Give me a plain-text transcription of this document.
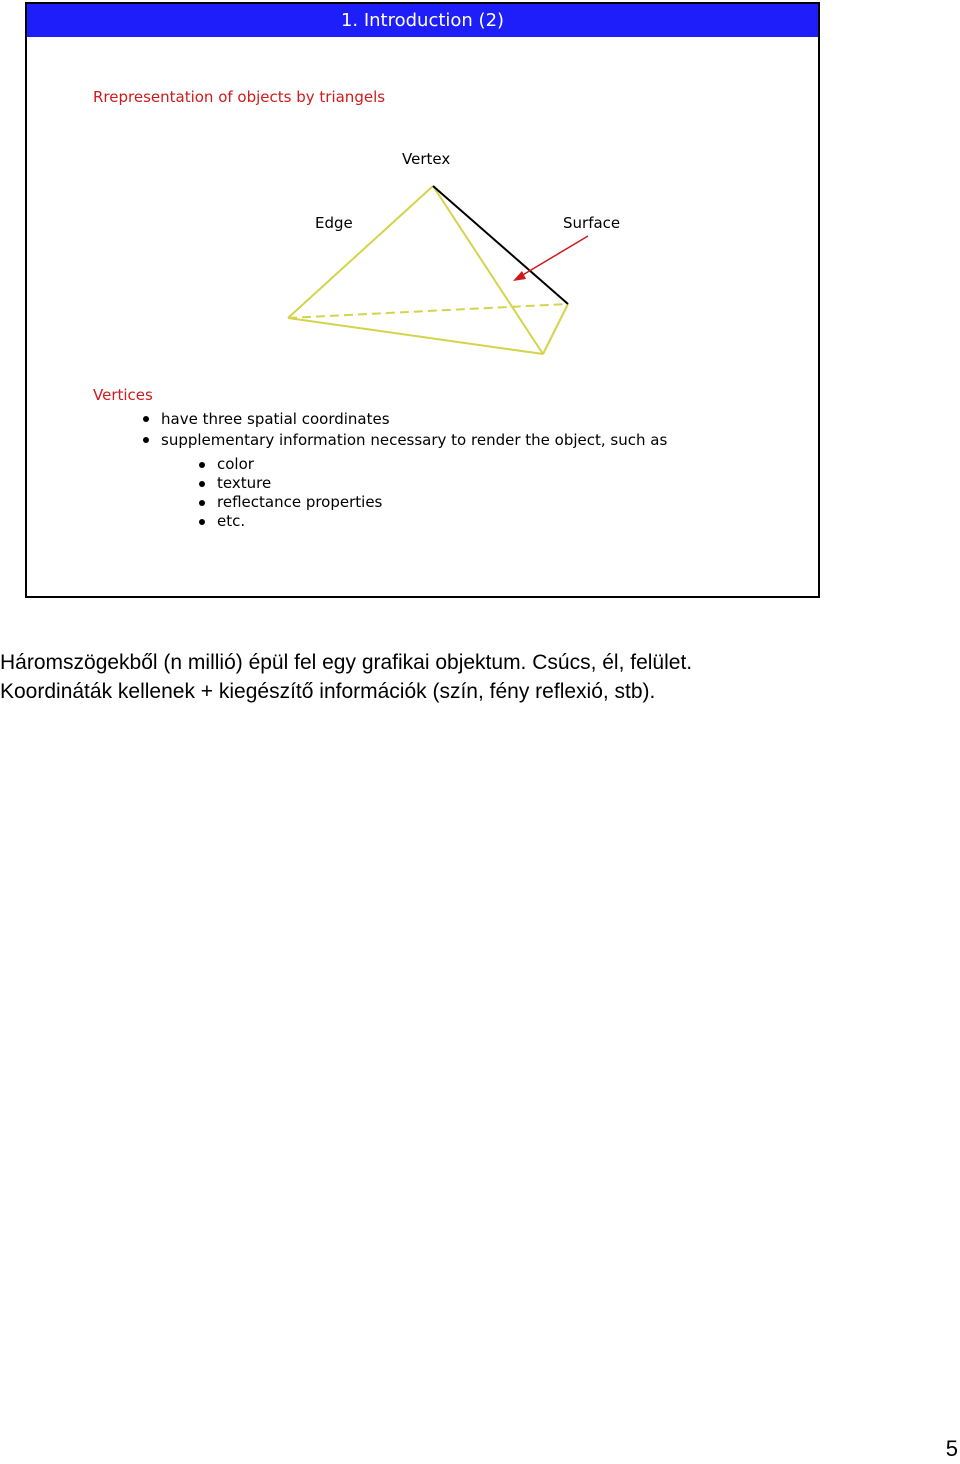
1. Introduction (2)
Rrepresentation of objects by triangels
Vertex
Edge	Surface
Vertices
have three spatial coordinates
supplementary information necessary to render the object, such as
color
texture
reflectance properties
etc.
Háromszögekből (n millió) épül fel egy grafikai objektum. Csúcs, él, felület.
Koordináták kellenek + kiegészítő információk (szín, fény reflexió, stb).
5
